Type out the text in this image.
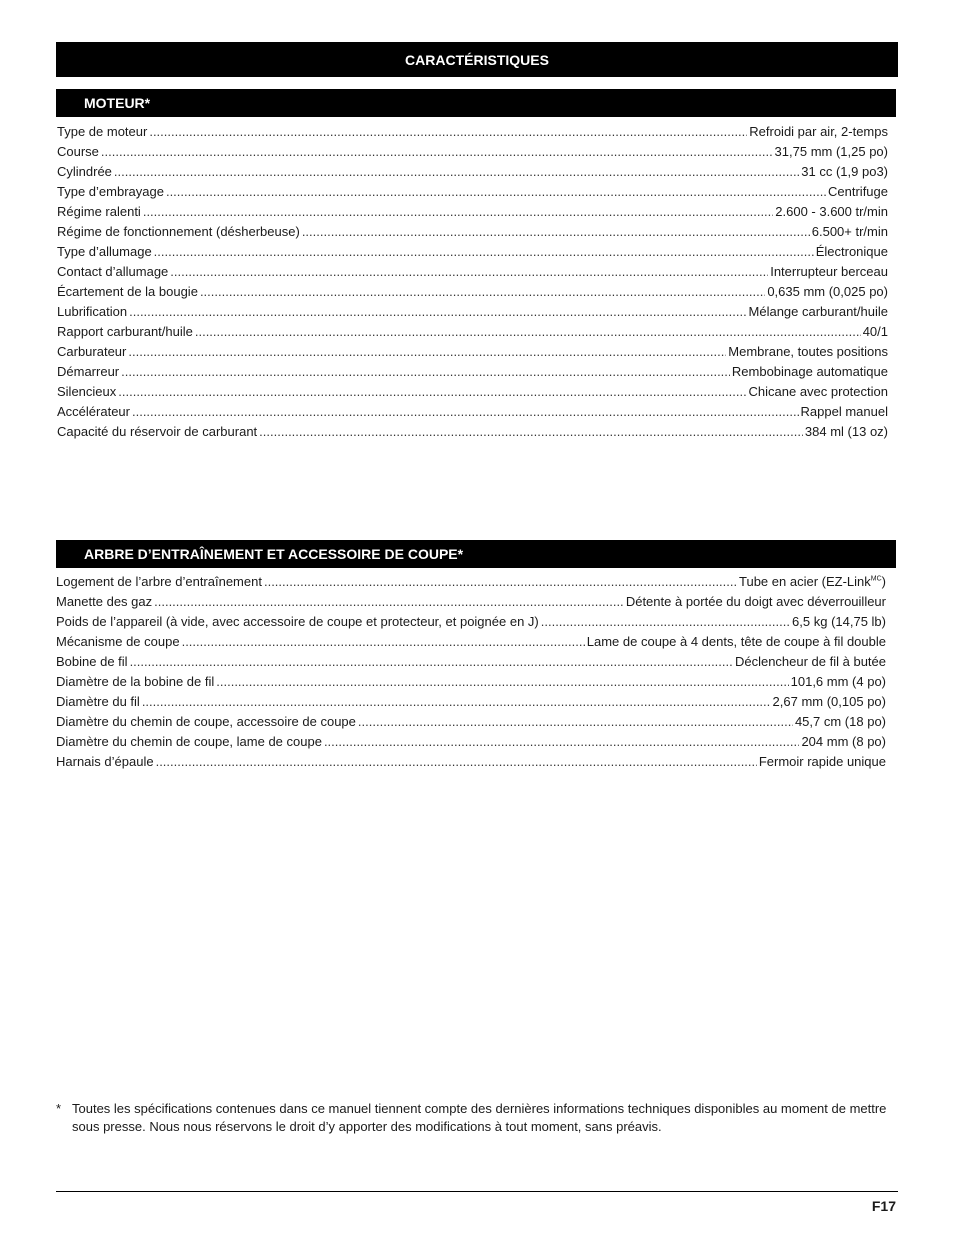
CARACTÉRISTIQUES
MOTEUR*
Type de moteur .....	Refroidi par air, 2-temps
Course .....	31,75 mm (1,25 po)
Cylindrée .....	31 cc (1,9 po3)
Type d’embrayage .....	Centrifuge
Régime ralenti .....	2.600 - 3.600 tr/min
Régime de fonctionnement (désherbeuse) .....	6.500+ tr/min
Type d’allumage .....	Électronique
Contact d’allumage .....	Interrupteur berceau
Écartement de la bougie .....	0,635 mm (0,025 po)
Lubrification .....	Mélange carburant/huile
Rapport carburant/huile .....	40/1
Carburateur .....	Membrane, toutes positions
Démarreur .....	Rembobinage automatique
Silencieux .....	Chicane avec protection
Accélérateur .....	Rappel manuel
Capacité du réservoir de carburant .....	384 ml (13 oz)
ARBRE D’ENTRAÎNEMENT ET ACCESSOIRE DE COUPE*
Logement de l’arbre d’entraînement .....	Tube en acier (EZ-Link$^{MC}$)
Manette des gaz .....	Détente à portée du doigt avec déverrouilleur
Poids de l’appareil (à vide, avec accessoire de coupe et protecteur, et poignée en J) .....	6,5 kg (14,75 lb)
Mécanisme de coupe .....	Lame de coupe à 4 dents, tête de coupe à fil double
Bobine de fil .....	Déclencheur de fil à butée
Diamètre de la bobine de fil .....	101,6 mm (4 po)
Diamètre du fil .....	2,67 mm (0,105 po)
Diamètre du chemin de coupe, accessoire de coupe .....	45,7 cm (18 po)
Diamètre du chemin de coupe, lame de coupe .....	204 mm (8 po)
Harnais d’épaule .....	Fermoir rapide unique
* Toutes les spécifications contenues dans ce manuel tiennent compte des dernières informations techniques disponibles au moment de mettre sous presse. Nous nous réservons le droit d’y apporter des modifications à tout moment, sans préavis.
F17
